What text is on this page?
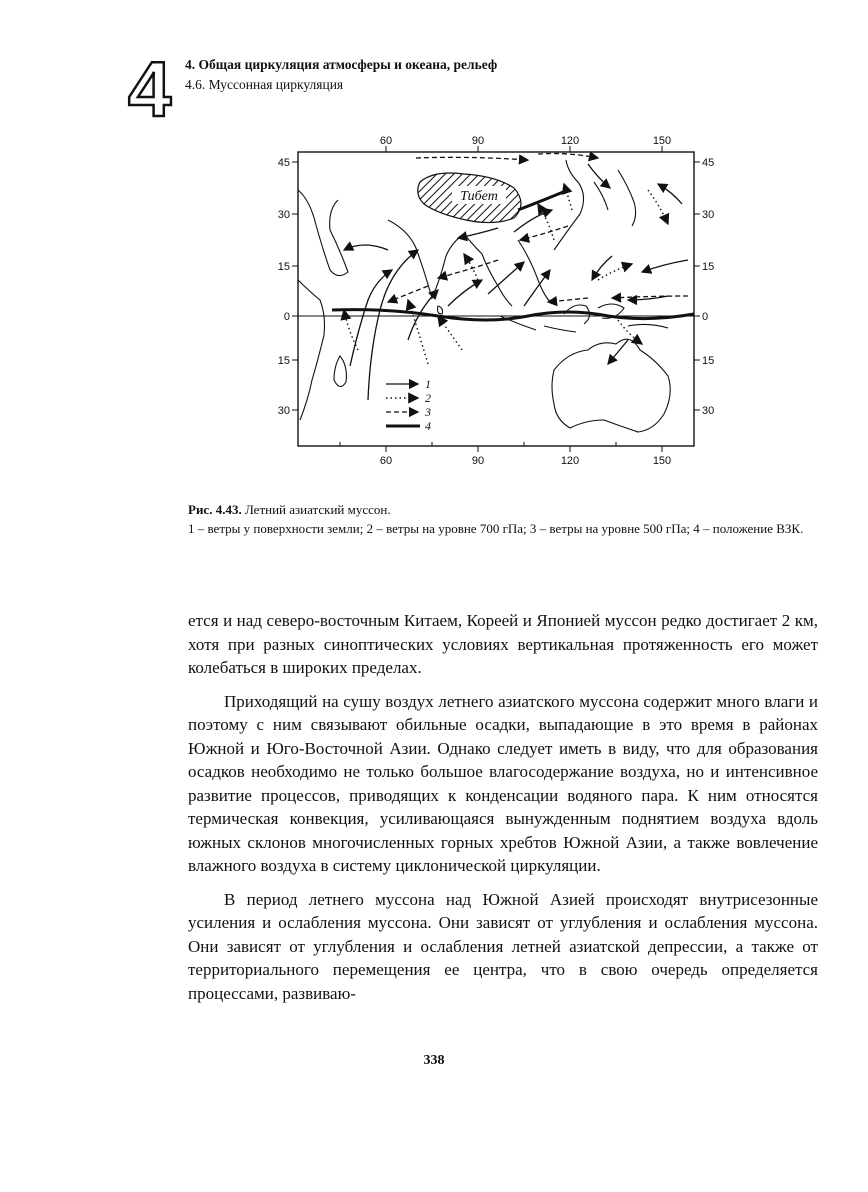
4 4. Общая циркуляция атмосферы и океана, рельеф
4.6. Муссонная циркуляция
60	90	120	150
60	90	120	150
45
30
15
0
15
30
45
30
15
0
15
30
Тибет
1
2
3
4
Рис. 4.43. Летний азиатский муссон.
1 – ветры у поверхности земли; 2 – ветры на уровне 700 гПа; 3 – ветры на уровне 500 гПа; 4 – положение ВЗК.

ется и над северо-восточным Китаем, Кореей и Японией муссон редко достигает 2 км, хотя при разных синоптических условиях вертикальная протяженность его может колебаться в широких пределах.

Приходящий на сушу воздух летнего азиатского муссона содержит много влаги и поэтому с ним связывают обильные осадки, выпадающие в это время в районах Южной и Юго-Восточной Азии. Однако следует иметь в виду, что для образования осадков необходимо не только большое влагосодержание воздуха, но и интенсивное развитие процессов, приводящих к конденсации водяного пара. К ним относятся термическая конвекция, усиливающаяся вынужденным поднятием воздуха вдоль южных склонов многочисленных горных хребтов Южной Азии, а также вовлечение влажного воздуха в систему циклонической циркуляции.

В период летнего муссона над Южной Азией происходят внутрисезонные усиления и ослабления муссона. Они зависят от углубления и ослабления муссона. Они зависят от углубления и ослабления летней азиатской депрессии, а также от территориального перемещения ее центра, что в свою очередь определяется процессами, развиваю-

338
